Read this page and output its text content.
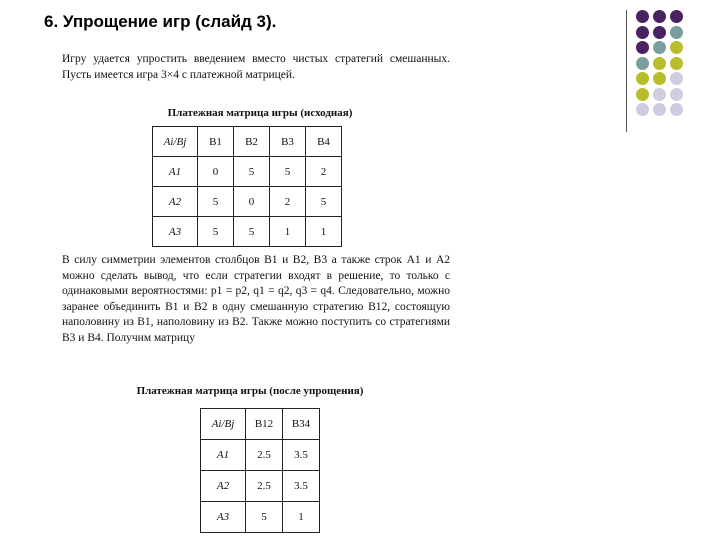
6. Упрощение игр (слайд 3).
Игру удается упростить введением вместо чистых стратегий смешанных. Пусть имеется игра 3×4 с платежной матрицей.
Платежная матрица игры (исходная)
Ai/Bj	B1	B2	B3	B4
A1	0	5	5	2
A2	5	0	2	5
A3	5	5	1	1
В силу симметрии элементов столбцов B1 и B2, B3 а также строк A1 и A2 можно сделать вывод, что если стратегии входят в решение, то только с одинаковыми вероятностями: p1 = p2, q1 = q2, q3 = q4. Следовательно, можно заранее объединить B1 и B2 в одну смешанную стратегию B12, состоящую наполовину из B1, наполовину из B2. Также можно поступить со стратегиями B3 и B4. Получим матрицу
Платежная матрица игры (после упрощения)
Ai/Bj	B12	B34
A1	2.5	3.5
A2	2.5	3.5
A3	5	1
